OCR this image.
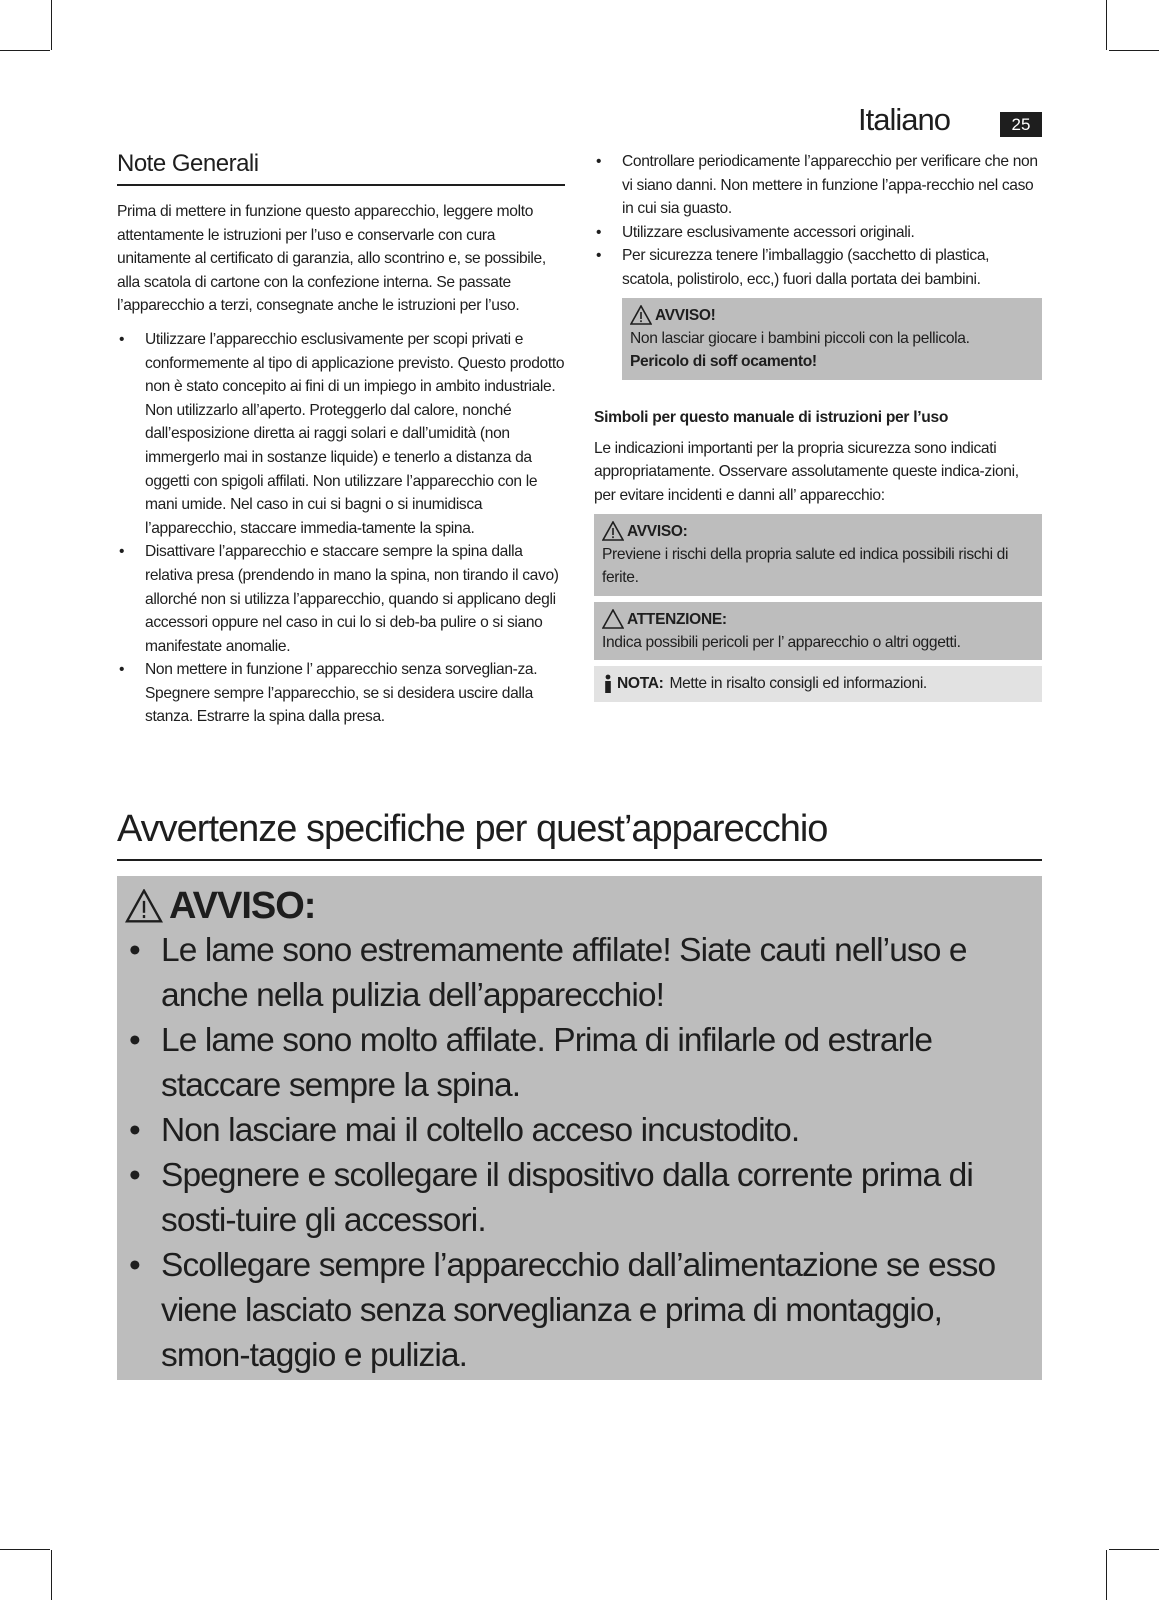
Italiano	25
Note Generali

Prima di mettere in funzione questo apparecchio, leggere molto attentamente le istruzioni per l’uso e conservarle con cura unitamente al certificato di garanzia, allo scontrino e, se possibile, alla scatola di cartone con la confezione interna. Se passate l’apparecchio a terzi, consegnate anche le istruzioni per l’uso.

• Utilizzare l’apparecchio esclusivamente per scopi privati e conformemente al tipo di applicazione previsto. Questo prodotto non è stato concepito ai fini di un impiego in ambito industriale. Non utilizzarlo all’aperto. Proteggerlo dal calore, nonché dall’esposizione diretta ai raggi solari e dall’umidità (non immergerlo mai in sostanze liquide) e tenerlo a distanza da oggetti con spigoli affilati. Non utilizzare l’apparecchio con le mani umide. Nel caso in cui si bagni o si inumidisca l’apparecchio, staccare immedia-tamente la spina.
• Disattivare l’apparecchio e staccare sempre la spina dalla relativa presa (prendendo in mano la spina, non tirando il cavo) allorché non si utilizza l’apparecchio, quando si applicano degli accessori oppure nel caso in cui lo si deb-ba pulire o si siano manifestate anomalie.
• Non mettere in funzione l’ apparecchio senza sorveglian-za. Spegnere sempre l’apparecchio, se si desidera uscire dalla stanza. Estrarre la spina dalla presa.
• Controllare periodicamente l’apparecchio per verificare che non vi siano danni. Non mettere in funzione l’appa-recchio nel caso in cui sia guasto.
• Utilizzare esclusivamente accessori originali.
• Per sicurezza tenere l’imballaggio (sacchetto di plastica, scatola, polistirolo, ecc,) fuori dalla portata dei bambini.
AVVISO!
Non lasciar giocare i bambini piccoli con la pellicola.
Pericolo di soff ocamento!
Simboli per questo manuale di istruzioni per l’uso

Le indicazioni importanti per la propria sicurezza sono indicati appropriatamente. Osservare assolutamente queste indica-zioni, per evitare incidenti e danni all’ apparecchio:

AVVISO:
Previene i rischi della propria salute ed indica possibili rischi di ferite.
ATTENZIONE:
Indica possibili pericoli per l’ apparecchio o altri oggetti.
NOTA: Mette in risalto consigli ed informazioni.
Avvertenze specifiche per quest’apparecchio
AVVISO:
• Le lame sono estremamente affilate! Siate cauti nell’uso e anche nella pulizia dell’apparecchio!
• Le lame sono molto affilate. Prima di infilarle od estrarle staccare sempre la spina.
• Non lasciare mai il coltello acceso incustodito.
• Spegnere e scollegare il dispositivo dalla corrente prima di sosti-tuire gli accessori.
• Scollegare sempre l’apparecchio dall’alimentazione se esso viene lasciato senza sorveglianza e prima di montaggio, smon-taggio e pulizia.
